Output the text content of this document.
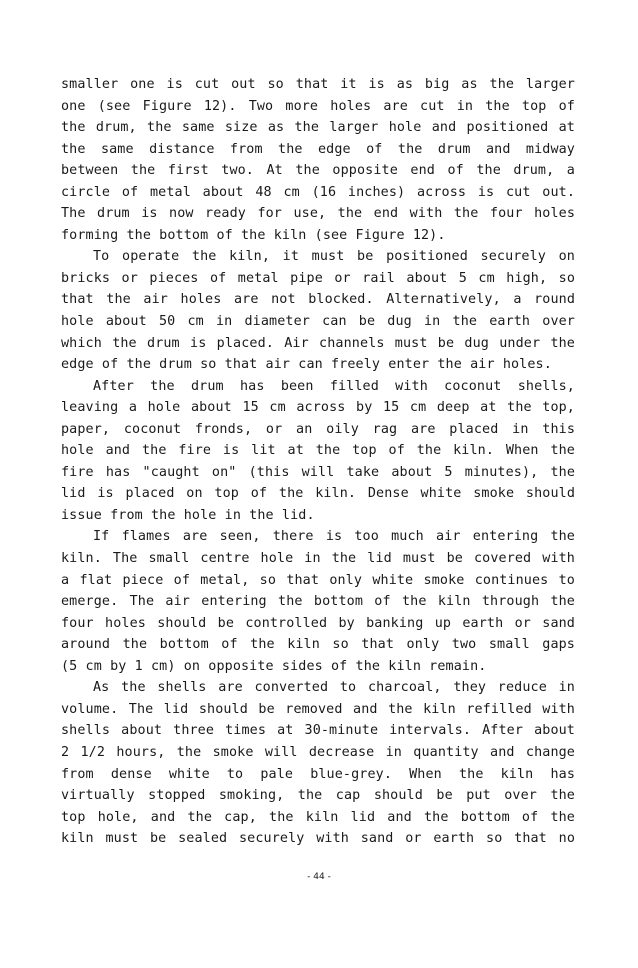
smaller one is cut out so that it is as big as the larger
one (see Figure 12). Two more holes are cut in the top of
the drum, the same size as the larger hole and positioned at
the same distance from the edge of the drum and midway
between the first two. At the opposite end of the drum, a
circle of metal about 48 cm (16 inches) across is cut out.
The drum is now ready for use, the end with the four holes
forming the bottom of the kiln (see Figure 12).
To operate the kiln, it must be positioned securely on
bricks or pieces of metal pipe or rail about 5 cm high, so
that the air holes are not blocked. Alternatively, a round
hole about 50 cm in diameter can be dug in the earth over
which the drum is placed. Air channels must be dug under the
edge of the drum so that air can freely enter the air holes.
After the drum has been filled with coconut shells,
leaving a hole about 15 cm across by 15 cm deep at the top,
paper, coconut fronds, or an oily rag are placed in this
hole and the fire is lit at the top of the kiln. When the
fire has "caught on" (this will take about 5 minutes), the
lid is placed on top of the kiln. Dense white smoke should
issue from the hole in the lid.
If flames are seen, there is too much air entering the
kiln. The small centre hole in the lid must be covered with
a flat piece of metal, so that only white smoke continues to
emerge. The air entering the bottom of the kiln through the
four holes should be controlled by banking up earth or sand
around the bottom of the kiln so that only two small gaps
(5 cm by 1 cm) on opposite sides of the kiln remain.
As the shells are converted to charcoal, they reduce in
volume. The lid should be removed and the kiln refilled with
shells about three times at 30-minute intervals. After about
2 1/2 hours, the smoke will decrease in quantity and change
from dense white to pale blue-grey. When the kiln has
virtually stopped smoking, the cap should be put over the
top hole, and the cap, the kiln lid and the bottom of the
kiln must be sealed securely with sand or earth so that no
- 44 -
